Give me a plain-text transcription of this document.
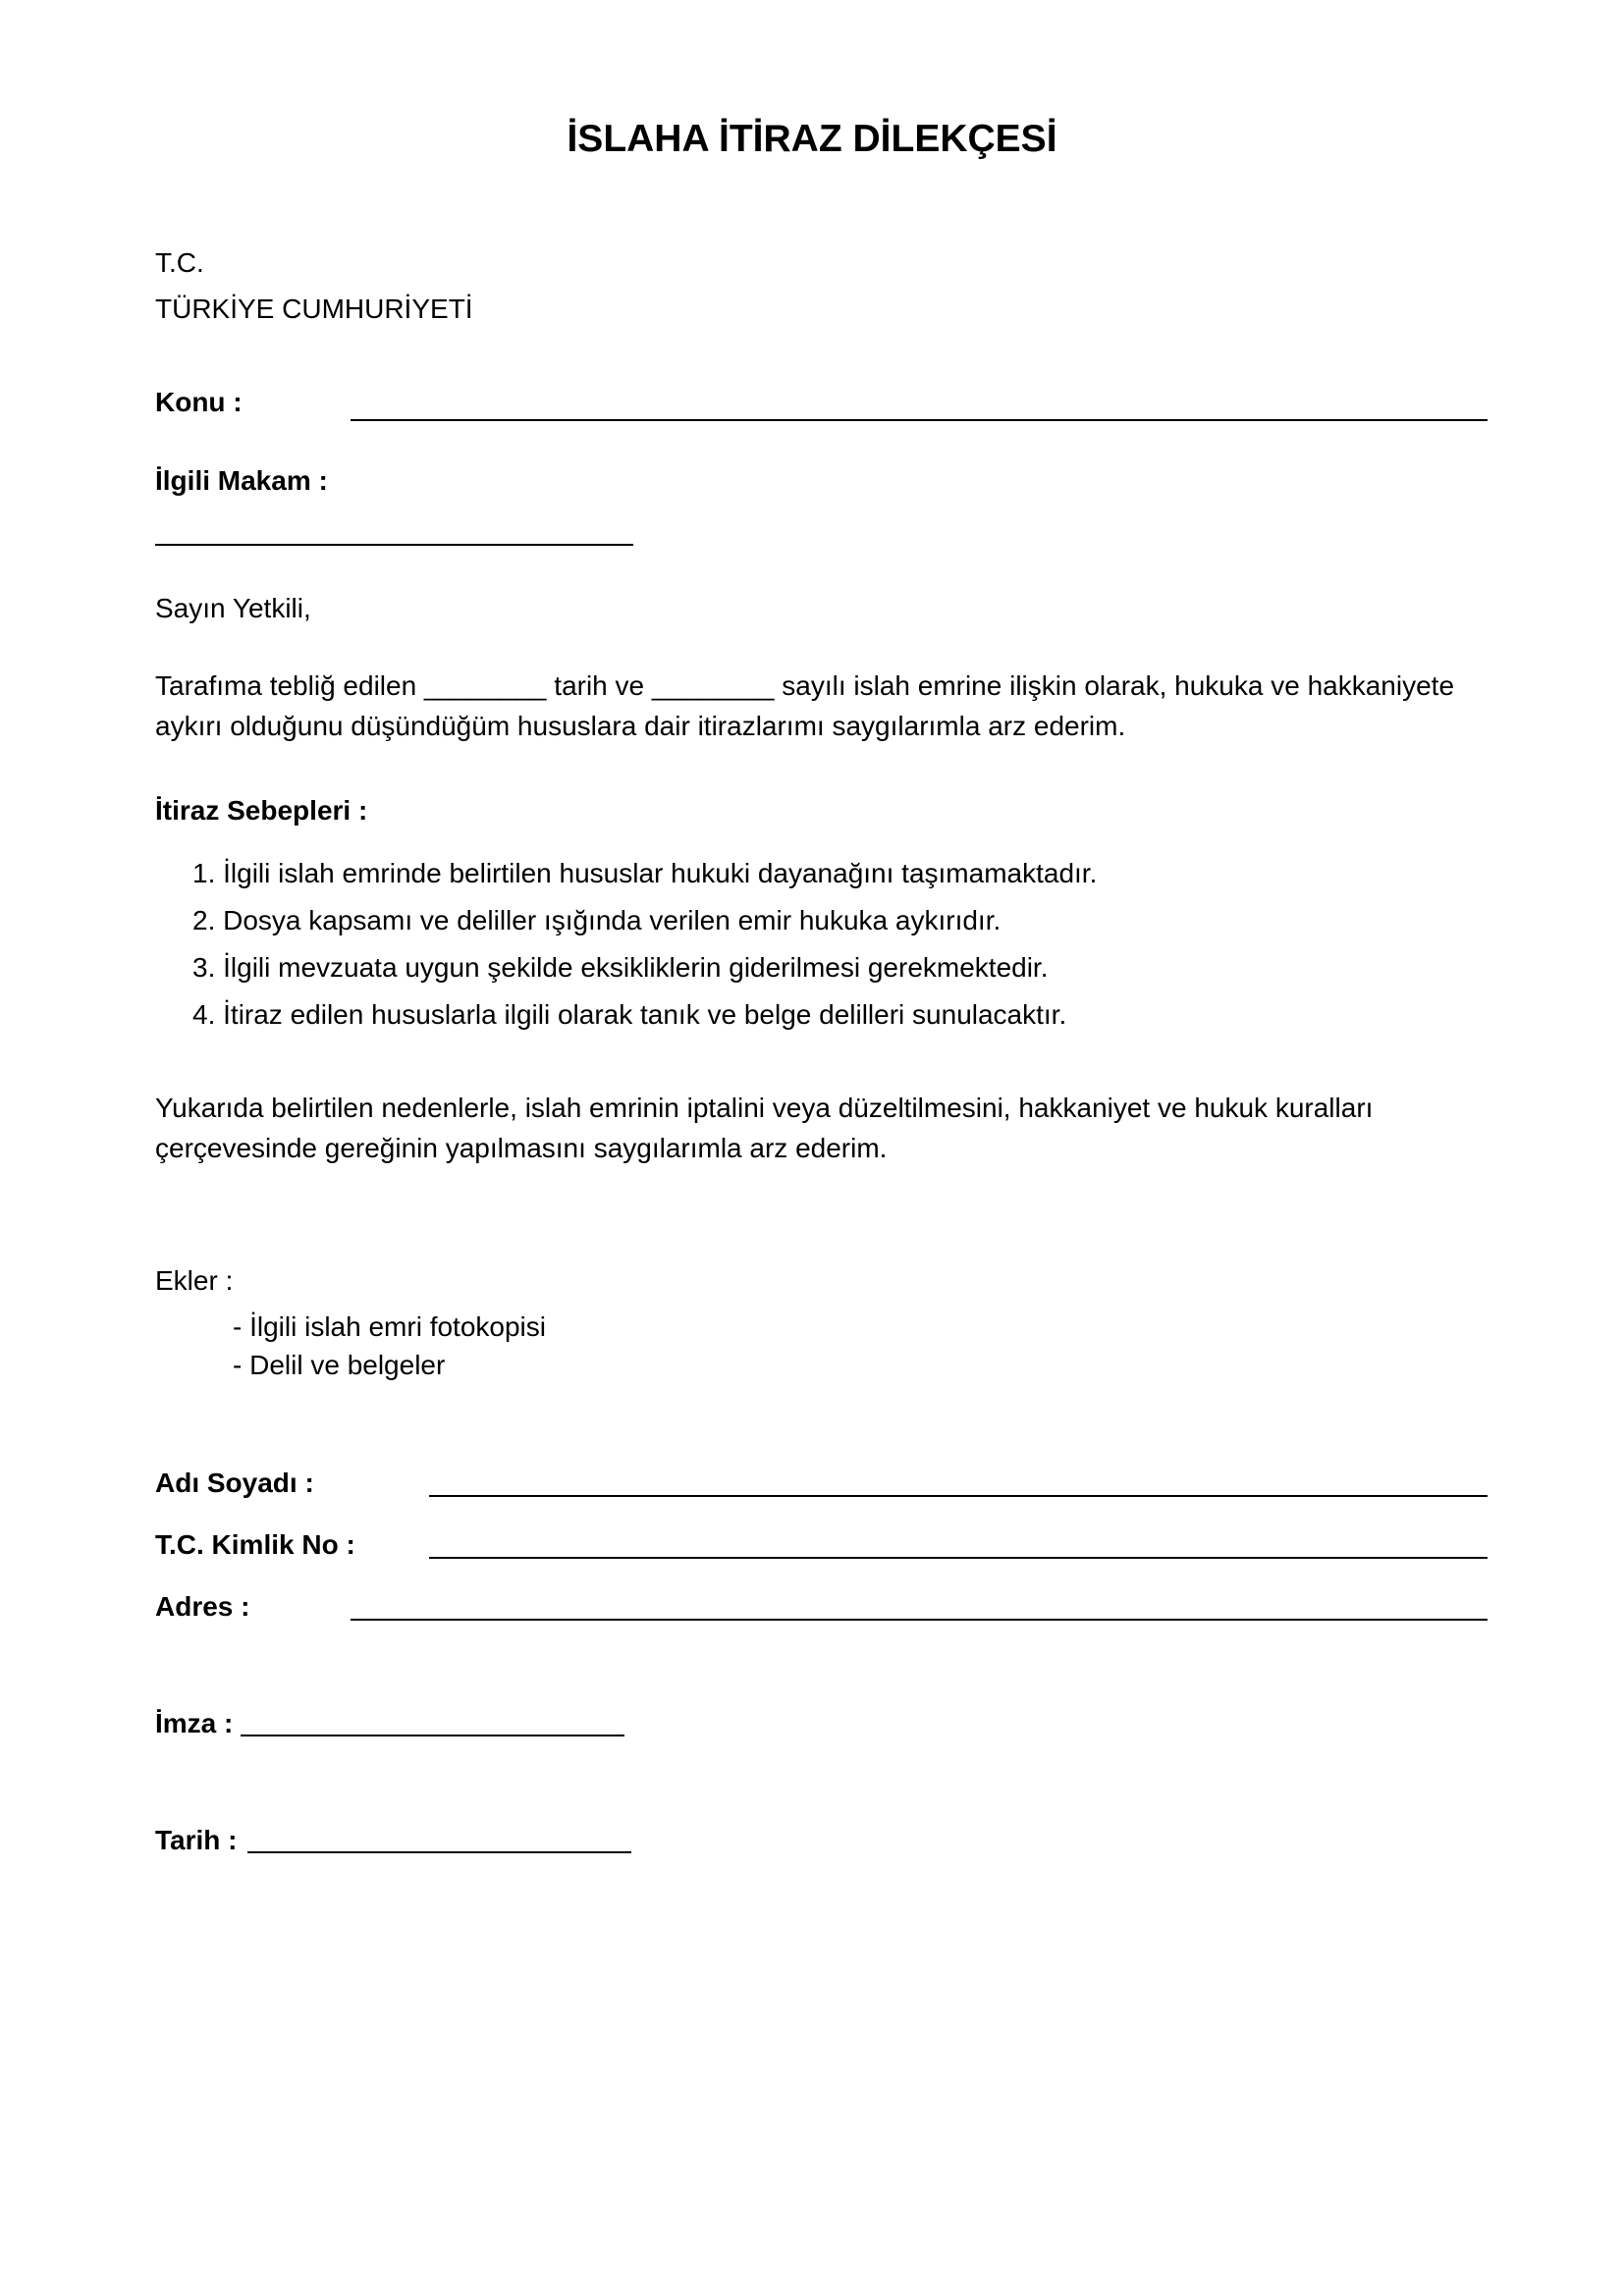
İSLAHA İTİRAZ DİLEKÇESİ
T.C.
TÜRKİYE CUMHURİYETİ
Konu :
İlgili Makam :
Sayın Yetkili,
Tarafıma tebliğ edilen ________ tarih ve ________ sayılı islah emrine ilişkin olarak, hukuka ve hakkaniyete aykırı olduğunu düşündüğüm hususlara dair itirazlarımı saygılarımla arz ederim.
İtiraz Sebepleri :
1. İlgili islah emrinde belirtilen hususlar hukuki dayanağını taşımamaktadır.
2. Dosya kapsamı ve deliller ışığında verilen emir hukuka aykırıdır.
3. İlgili mevzuata uygun şekilde eksikliklerin giderilmesi gerekmektedir.
4. İtiraz edilen hususlarla ilgili olarak tanık ve belge delilleri sunulacaktır.
Yukarıda belirtilen nedenlerle, islah emrinin iptalini veya düzeltilmesini, hakkaniyet ve hukuk kuralları çerçevesinde gereğinin yapılmasını saygılarımla arz ederim.
Ekler :
- İlgili islah emri fotokopisi
- Delil ve belgeler
Adı Soyadı :
T.C. Kimlik No :
Adres :
İmza :
Tarih :
